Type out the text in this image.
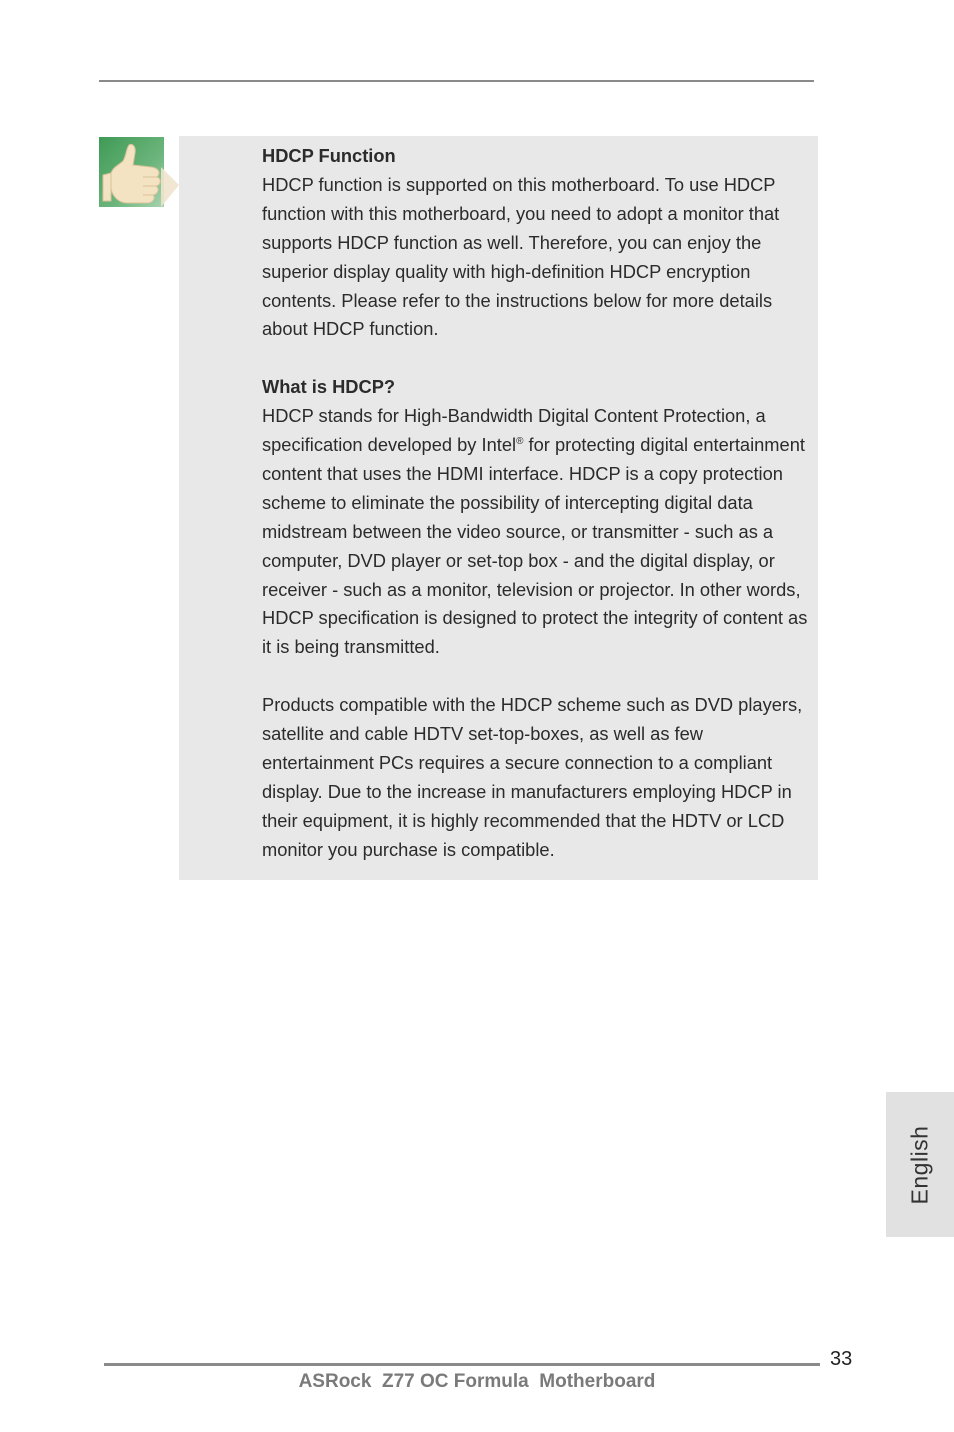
HDCP Function

HDCP function is supported on this motherboard. To use HDCP function with this motherboard, you need to adopt a monitor that supports HDCP function as well. Therefore, you can enjoy the superior display quality with high-definition HDCP encryption contents. Please refer to the instructions below for more details about HDCP function.

What is HDCP?

HDCP stands for High-Bandwidth Digital Content Protection, a specification developed by Intel® for protecting digital entertainment content that uses the HDMI interface. HDCP is a copy protection scheme to eliminate the possibility of intercepting digital data midstream between the video source, or transmitter - such as a computer, DVD player or set-top box - and the digital display, or receiver - such as a monitor, television or projector. In other words, HDCP specification is designed to protect the integrity of content as it is being transmitted.

Products compatible with the HDCP scheme such as DVD players, satellite and cable HDTV set-top-boxes, as well as few entertainment PCs requires a secure connection to a compliant display. Due to the increase in manufacturers employing HDCP in their equipment, it is highly recommended that the HDTV or LCD monitor you purchase is compatible.

English
33
ASRock  Z77 OC Formula  Motherboard
